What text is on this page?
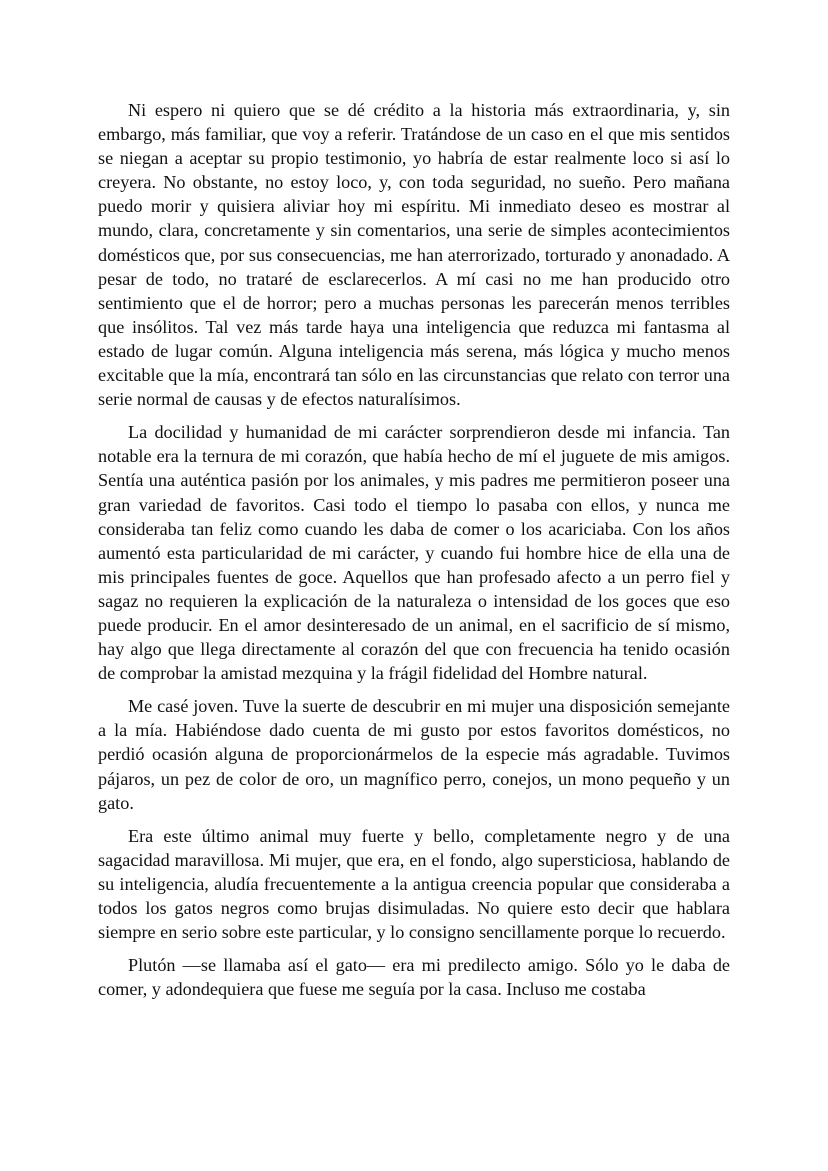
Ni espero ni quiero que se dé crédito a la historia más extraordinaria, y, sin embargo, más familiar, que voy a referir. Tratándose de un caso en el que mis sentidos se niegan a aceptar su propio testimonio, yo habría de estar realmente loco si así lo creyera. No obstante, no estoy loco, y, con toda seguridad, no sueño. Pero mañana puedo morir y quisiera aliviar hoy mi espíritu. Mi inmediato deseo es mostrar al mundo, clara, concretamente y sin comentarios, una serie de simples acontecimientos domésticos que, por sus consecuencias, me han aterrorizado, torturado y anonadado. A pesar de todo, no trataré de esclarecerlos. A mí casi no me han producido otro sentimiento que el de horror; pero a muchas personas les parecerán menos terribles que insólitos. Tal vez más tarde haya una inteligencia que reduzca mi fantasma al estado de lugar común. Alguna inteligencia más serena, más lógica y mucho menos excitable que la mía, encontrará tan sólo en las circunstancias que relato con terror una serie normal de causas y de efectos naturalísimos.

La docilidad y humanidad de mi carácter sorprendieron desde mi infancia. Tan notable era la ternura de mi corazón, que había hecho de mí el juguete de mis amigos. Sentía una auténtica pasión por los animales, y mis padres me permitieron poseer una gran variedad de favoritos. Casi todo el tiempo lo pasaba con ellos, y nunca me consideraba tan feliz como cuando les daba de comer o los acariciaba. Con los años aumentó esta particularidad de mi carácter, y cuando fui hombre hice de ella una de mis principales fuentes de goce. Aquellos que han profesado afecto a un perro fiel y sagaz no requieren la explicación de la naturaleza o intensidad de los goces que eso puede producir. En el amor desinteresado de un animal, en el sacrificio de sí mismo, hay algo que llega directamente al corazón del que con frecuencia ha tenido ocasión de comprobar la amistad mezquina y la frágil fidelidad del Hombre natural.

Me casé joven. Tuve la suerte de descubrir en mi mujer una disposición semejante a la mía. Habiéndose dado cuenta de mi gusto por estos favoritos domésticos, no perdió ocasión alguna de proporcionármelos de la especie más agradable. Tuvimos pájaros, un pez de color de oro, un magnífico perro, conejos, un mono pequeño y un gato.

Era este último animal muy fuerte y bello, completamente negro y de una sagacidad maravillosa. Mi mujer, que era, en el fondo, algo supersticiosa, hablando de su inteligencia, aludía frecuentemente a la antigua creencia popular que consideraba a todos los gatos negros como brujas disimuladas. No quiere esto decir que hablara siempre en serio sobre este particular, y lo consigno sencillamente porque lo recuerdo.

Plutón —se llamaba así el gato— era mi predilecto amigo. Sólo yo le daba de comer, y adondequiera que fuese me seguía por la casa. Incluso me costaba
